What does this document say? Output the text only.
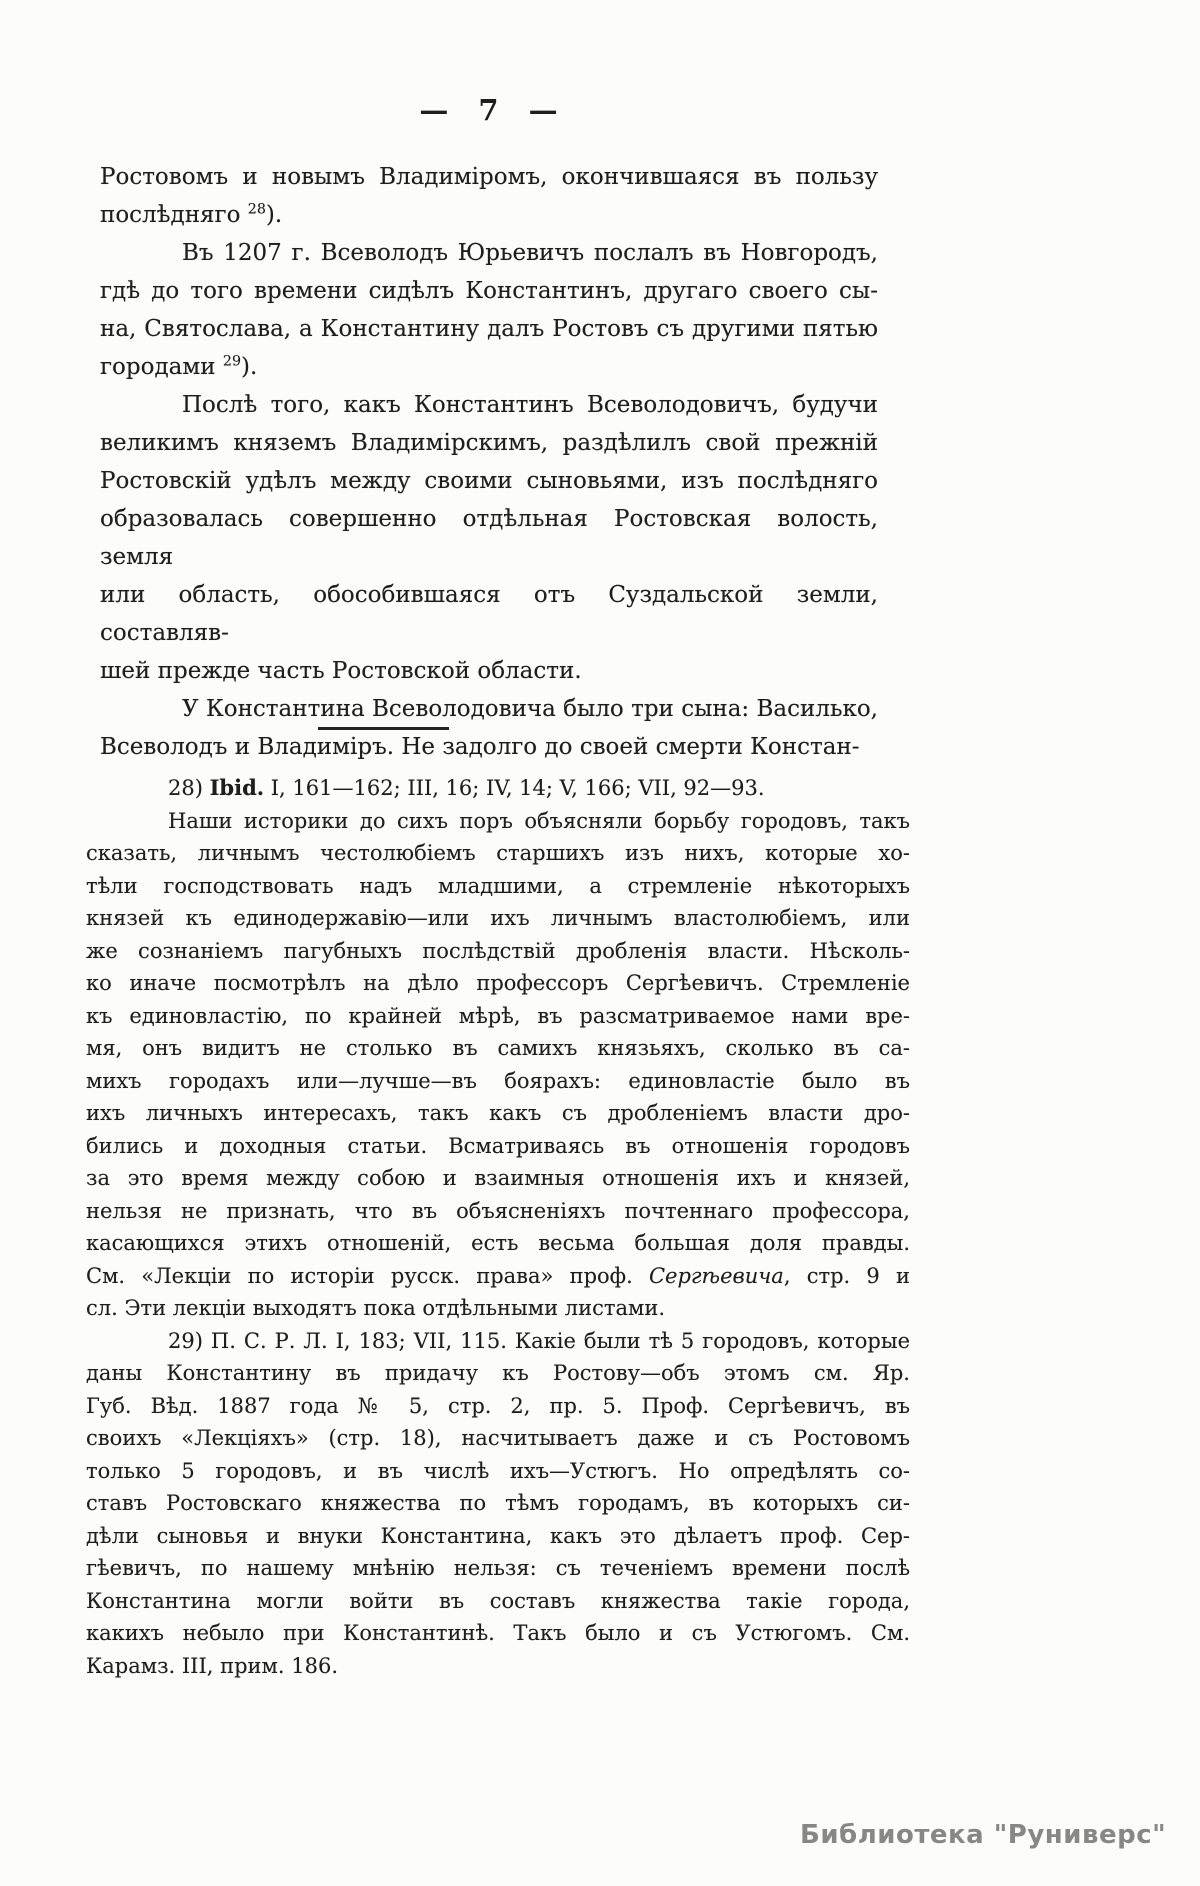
— 7 —
Ростовомъ и новымъ Владиміромъ, окончившаяся въ пользу
послѣдняго $^{28}$).
Въ 1207 г. Всеволодъ Юрьевичъ послалъ въ Новгородъ,
гдѣ до того времени сидѣлъ Константинъ, другаго своего сы-
на, Святослава, а Константину далъ Ростовъ съ другими пятью
городами $^{29}$).
Послѣ того, какъ Константинъ Всеволодовичъ, будучи
великимъ княземъ Владимірскимъ, раздѣлилъ свой прежній
Ростовскій удѣлъ между своими сыновьями, изъ послѣдняго
образовалась совершенно отдѣльная Ростовская волость, земля
или область, обособившаяся отъ Суздальской земли, составляв-
шей прежде часть Ростовской области.
У Константина Всеволодовича было три сына: Василько,
Всеволодъ и Владиміръ. Не задолго до своей смерти Констан-
28) Ibid. I, 161—162; III, 16; IV, 14; V, 166; VII, 92—93.
Наши историки до сихъ поръ объясняли борьбу городовъ, такъ
сказать, личнымъ честолюбіемъ старшихъ изъ нихъ, которые хо-
тѣли господствовать надъ младшими, а стремленіе нѣкоторыхъ
князей къ единодержавію—или ихъ личнымъ властолюбіемъ, или
же сознаніемъ пагубныхъ послѣдствій дробленія власти. Нѣсколь-
ко иначе посмотрѣлъ на дѣло профессоръ Сергѣевичъ. Стремленіе
къ единовластію, по крайней мѣрѣ, въ разсматриваемое нами вре-
мя, онъ видитъ не столько въ самихъ князьяхъ, сколько въ са-
михъ городахъ или—лучше—въ боярахъ: единовластіе было въ
ихъ личныхъ интересахъ, такъ какъ съ дробленіемъ власти дро-
бились и доходныя статьи. Всматриваясь въ отношенія городовъ
за это время между собою и взаимныя отношенія ихъ и князей,
нельзя не признать, что въ объясненіяхъ почтеннаго профессора,
касающихся этихъ отношеній, есть весьма большая доля правды.
См. «Лекціи по исторіи русск. права» проф. Сергѣевича, стр. 9 и
сл. Эти лекціи выходятъ пока отдѣльными листами.
29) П. С. Р. Л. I, 183; VII, 115. Какіе были тѣ 5 городовъ, которые
даны Константину въ придачу къ Ростову—объ этомъ см. Яр.
Губ. Вѣд. 1887 года № 5, стр. 2, пр. 5. Проф. Сергѣевичъ, въ
своихъ «Лекціяхъ» (стр. 18), насчитываетъ даже и съ Ростовомъ
только 5 городовъ, и въ числѣ ихъ—Устюгъ. Но опредѣлять со-
ставъ Ростовскаго княжества по тѣмъ городамъ, въ которыхъ си-
дѣли сыновья и внуки Константина, какъ это дѣлаетъ проф. Сер-
гѣевичъ, по нашему мнѣнію нельзя: съ теченіемъ времени послѣ
Константина могли войти въ составъ княжества такіе города,
какихъ небыло при Константинѣ. Такъ было и съ Устюгомъ. См.
Карамз. III, прим. 186.
Библиотека "Руниверс"
